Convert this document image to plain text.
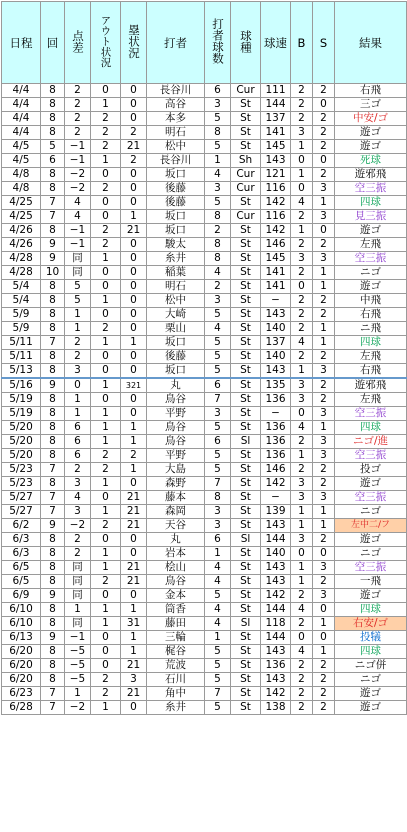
日程	回	点差	アウト状況	塁状況	打者	打者球数	球種	球速	B	S	結果
4/4	8	2	0	0	長谷川	6	Cur	111	2	2	右飛
4/4	8	2	1	0	高谷	3	St	144	2	0	三ゴ
4/4	8	2	2	0	本多	5	St	137	2	2	中安/ゴ
4/4	8	2	2	2	明石	8	St	141	3	2	遊ゴ
4/5	5	−1	2	21	松中	5	St	145	1	2	遊ゴ
4/5	6	−1	1	2	長谷川	1	Sh	143	0	0	死球
4/8	8	−2	0	0	坂口	4	Cur	121	1	2	遊邪飛
4/8	8	−2	2	0	後藤	3	Cur	116	0	3	空三振
4/25	7	4	0	0	後藤	5	St	142	4	1	四球
4/25	7	4	0	1	坂口	8	Cur	116	2	3	見三振
4/26	8	−1	2	21	坂口	2	St	142	1	0	遊ゴ
4/26	9	−1	2	0	駿太	8	St	146	2	2	左飛
4/28	9	同	1	0	糸井	8	St	145	3	3	空三振
4/28	10	同	0	0	稲葉	4	St	141	2	1	ニゴ
5/4	8	5	0	0	明石	2	St	141	0	1	遊ゴ
5/4	8	5	1	0	松中	3	St	−	2	2	中飛
5/9	8	1	0	0	大崎	5	St	143	2	2	右飛
5/9	8	1	2	0	栗山	4	St	140	2	1	ニ飛
5/11	7	2	1	1	坂口	5	St	137	4	1	四球
5/11	8	2	0	0	後藤	5	St	140	2	2	左飛
5/13	8	3	0	0	坂口	5	St	143	1	3	右飛
5/16	9	0	1	321	丸	6	St	135	3	2	遊邪飛
5/19	8	1	0	0	鳥谷	7	St	136	3	2	左飛
5/19	8	1	1	0	平野	3	St	−	0	3	空三振
5/20	8	6	1	1	鳥谷	5	St	136	4	1	四球
5/20	8	6	1	1	鳥谷	6	Sl	136	2	3	ニゴ/進
5/20	8	6	2	2	平野	5	St	136	1	3	空三振
5/23	7	2	2	1	大島	5	St	146	2	2	投ゴ
5/23	8	3	1	0	森野	7	St	142	3	2	遊ゴ
5/27	7	4	0	21	藤本	8	St	−	3	3	空三振
5/27	7	3	1	21	森岡	3	St	139	1	1	ニゴ
6/2	9	−2	2	21	天谷	3	St	143	1	1	左中二/フ
6/3	8	2	0	0	丸	6	Sl	144	3	2	遊ゴ
6/3	8	2	1	0	岩本	1	St	140	0	0	ニゴ
6/5	8	同	1	21	桧山	4	St	143	1	3	空三振
6/5	8	同	2	21	鳥谷	4	St	143	1	2	一飛
6/9	9	同	0	0	金本	5	St	142	2	3	遊ゴ
6/10	8	1	1	1	筒香	4	St	144	4	0	四球
6/10	8	同	1	31	藤田	4	Sl	118	2	1	右安/ゴ
6/13	9	−1	0	1	三輪	1	St	144	0	0	投犠
6/20	8	−5	0	1	梶谷	5	St	143	4	1	四球
6/20	8	−5	0	21	荒波	5	St	136	2	2	ニゴ併
6/20	8	−5	2	3	石川	5	St	143	2	2	ニゴ
6/23	7	1	2	21	角中	7	St	142	2	2	遊ゴ
6/28	7	−2	1	0	糸井	5	St	138	2	2	遊ゴ
